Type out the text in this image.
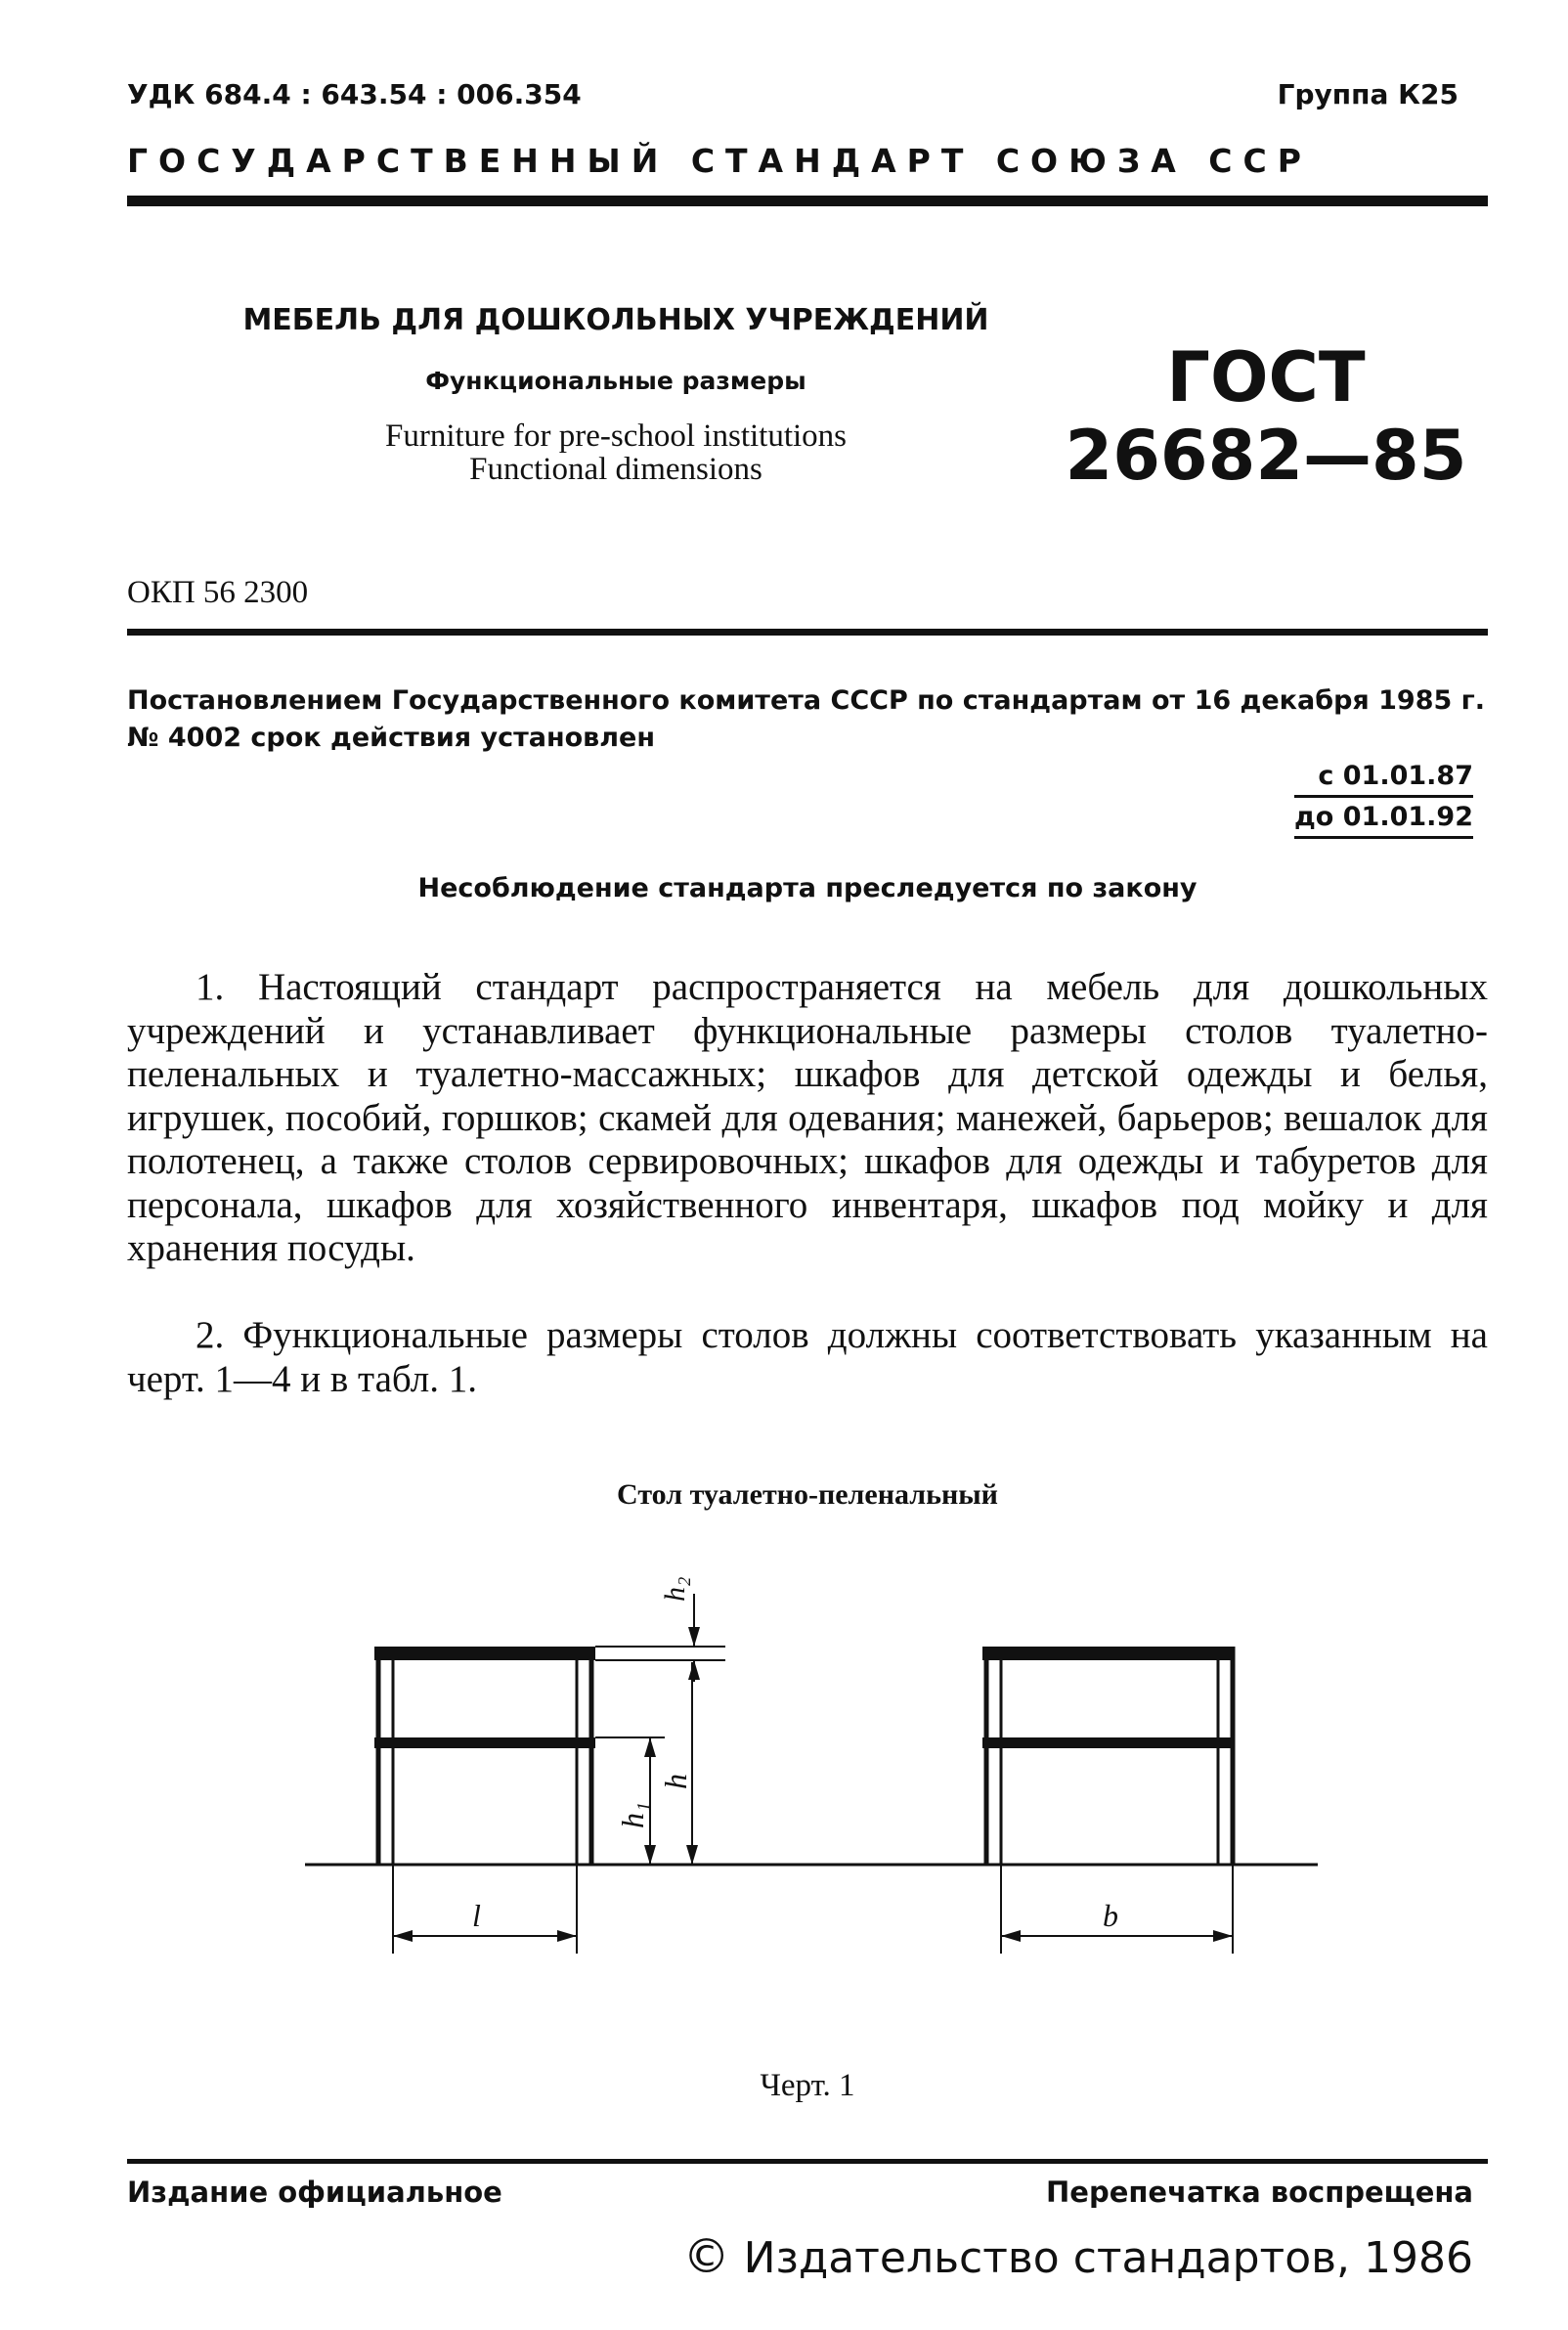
УДК 684.4 : 643.54 : 006.354	Группа К25
ГОСУДАРСТВЕННЫЙ СТАНДАРТ СОЮЗА ССР
МЕБЕЛЬ ДЛЯ ДОШКОЛЬНЫХ УЧРЕЖДЕНИЙ
Функциональные размеры
Furniture for pre-school institutions
Functional dimensions
ГОСТ
26682—85
ОКП 56 2300
Постановлением Государственного комитета СССР по стандартам от 16 декабря 1985 г. № 4002 срок действия установлен
с 01.01.87
до 01.01.92
Несоблюдение стандарта преследуется по закону
1. Настоящий стандарт распространяется на мебель для дошкольных учреждений и устанавливает функциональные размеры столов туалетно-пеленальных и туалетно-массажных; шкафов для детской одежды и белья, игрушек, пособий, горшков; скамей для одевания; манежей, барьеров; вешалок для полотенец, а также столов сервировочных; шкафов для одежды и табуретов для персонала, шкафов для хозяйственного инвентаря, шкафов под мойку и для хранения посуды.
2. Функциональные размеры столов должны соответствовать указанным на черт. 1—4 и в табл. 1.
Стол туалетно-пеленальный
h₂
h
h₁
l	b
Черт. 1
Издание официальное	Перепечатка воспрещена
© Издательство стандартов, 1986
